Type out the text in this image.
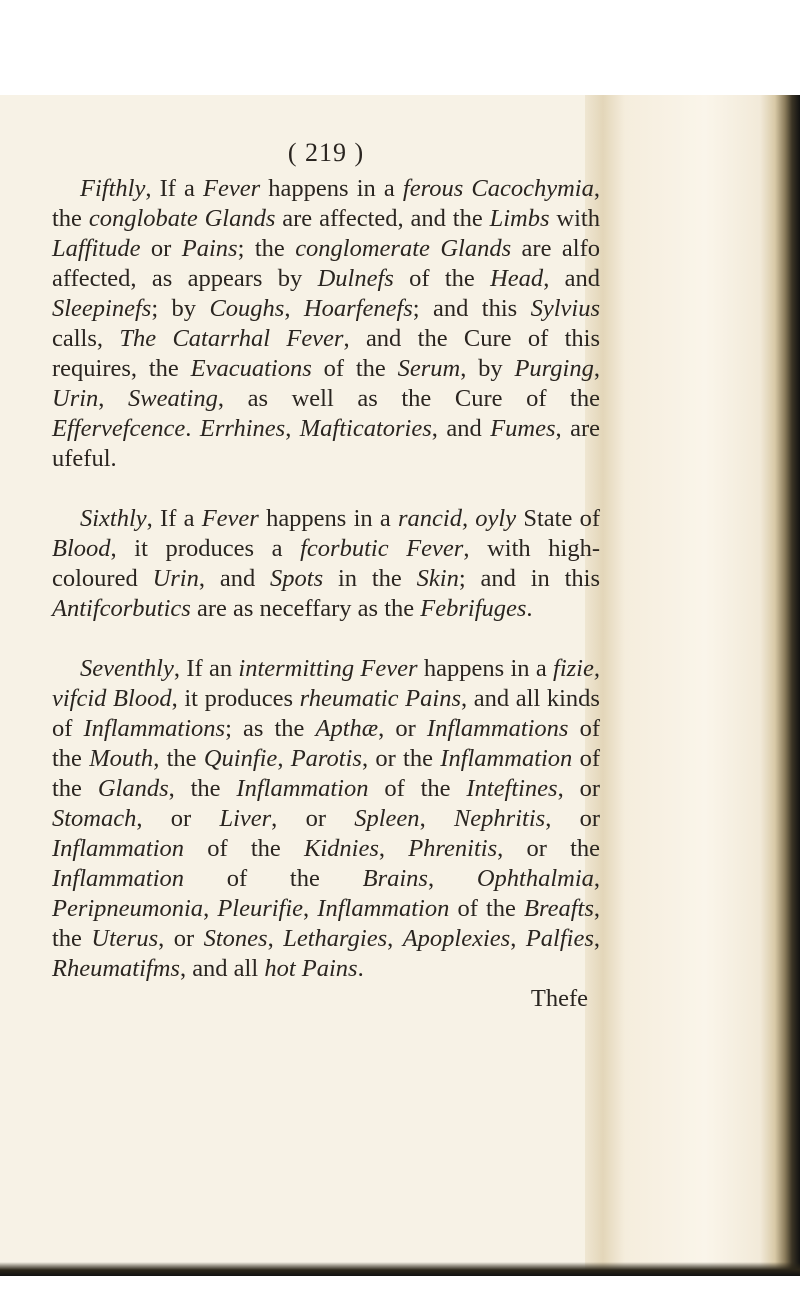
( 219 )

Fifthly, If a Fever happens in a ferous Cacochymia, the conglobate Glands are affected, and the Limbs with Laffitude or Pains; the conglomerate Glands are alfo affected, as appears by Dulnefs of the Head, and Sleepinefs; by Coughs, Hoarfenefs; and this Sylvius calls, The Catarrhal Fever, and the Cure of this requires, the Evacuations of the Serum, by Purging, Urin, Sweating, as well as the Cure of the Effervefcence. Errhines, Mafticatories, and Fumes, are ufeful.

Sixthly, If a Fever happens in a rancid, oyly State of Blood, it produces a fcorbutic Fever, with high-coloured Urin, and Spots in the Skin; and in this Antifcorbutics are as neceffary as the Febrifuges.

Seventhly, If an intermitting Fever happens in a fizie, vifcid Blood, it produces rheumatic Pains, and all kinds of Inflammations; as the Apthæ, or Inflammations of the Mouth, the Quinfie, Parotis, or the Inflammation of the Glands, the Inflammation of the Inteftines, or Stomach, or Liver, or Spleen, Nephritis, or Inflammation of the Kidnies, Phrenitis, or the Inflammation of the Brains, Ophthalmia, Peripneumonia, Pleurifie, Inflammation of the Breafts, the Uterus, or Stones, Lethargies, Apoplexies, Palfies, Rheumatifms, and all hot Pains.

Thefe
